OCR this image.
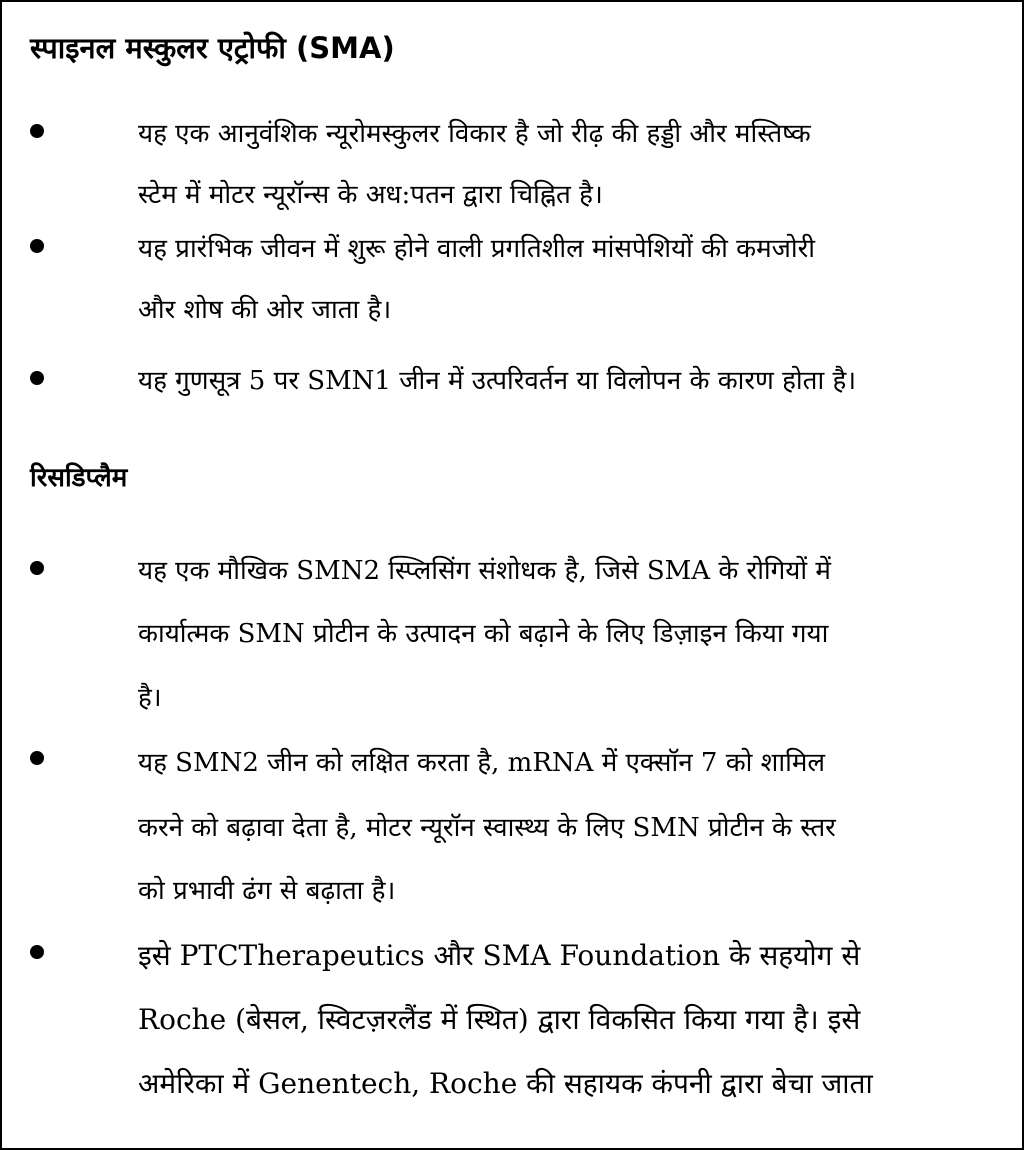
स्पाइनल मस्कुलर एट्रोफी (SMA)
यह एक आनुवंशिक न्यूरोमस्कुलर विकार है जो रीढ़ की हड्डी और मस्तिष्क
स्टेम में मोटर न्यूरॉन्स के अध:पतन द्वारा चिह्नित है।
यह प्रारंभिक जीवन में शुरू होने वाली प्रगतिशील मांसपेशियों की कमजोरी
और शोष की ओर जाता है।
यह गुणसूत्र 5 पर SMN1 जीन में उत्परिवर्तन या विलोपन के कारण होता है।
रिसडिप्लैम
यह एक मौखिक SMN2 स्प्लिसिंग संशोधक है, जिसे SMA के रोगियों में
कार्यात्मक SMN प्रोटीन के उत्पादन को बढ़ाने के लिए डिज़ाइन किया गया
है।
यह SMN2 जीन को लक्षित करता है, mRNA में एक्सॉन 7 को शामिल
करने को बढ़ावा देता है, मोटर न्यूरॉन स्वास्थ्य के लिए SMN प्रोटीन के स्तर
को प्रभावी ढंग से बढ़ाता है।
इसे PTCTherapeutics और SMA Foundation के सहयोग से
Roche (बेसल, स्विटज़रलैंड में स्थित) द्वारा विकसित किया गया है। इसे
अमेरिका में Genentech, Roche की सहायक कंपनी द्वारा बेचा जाता
